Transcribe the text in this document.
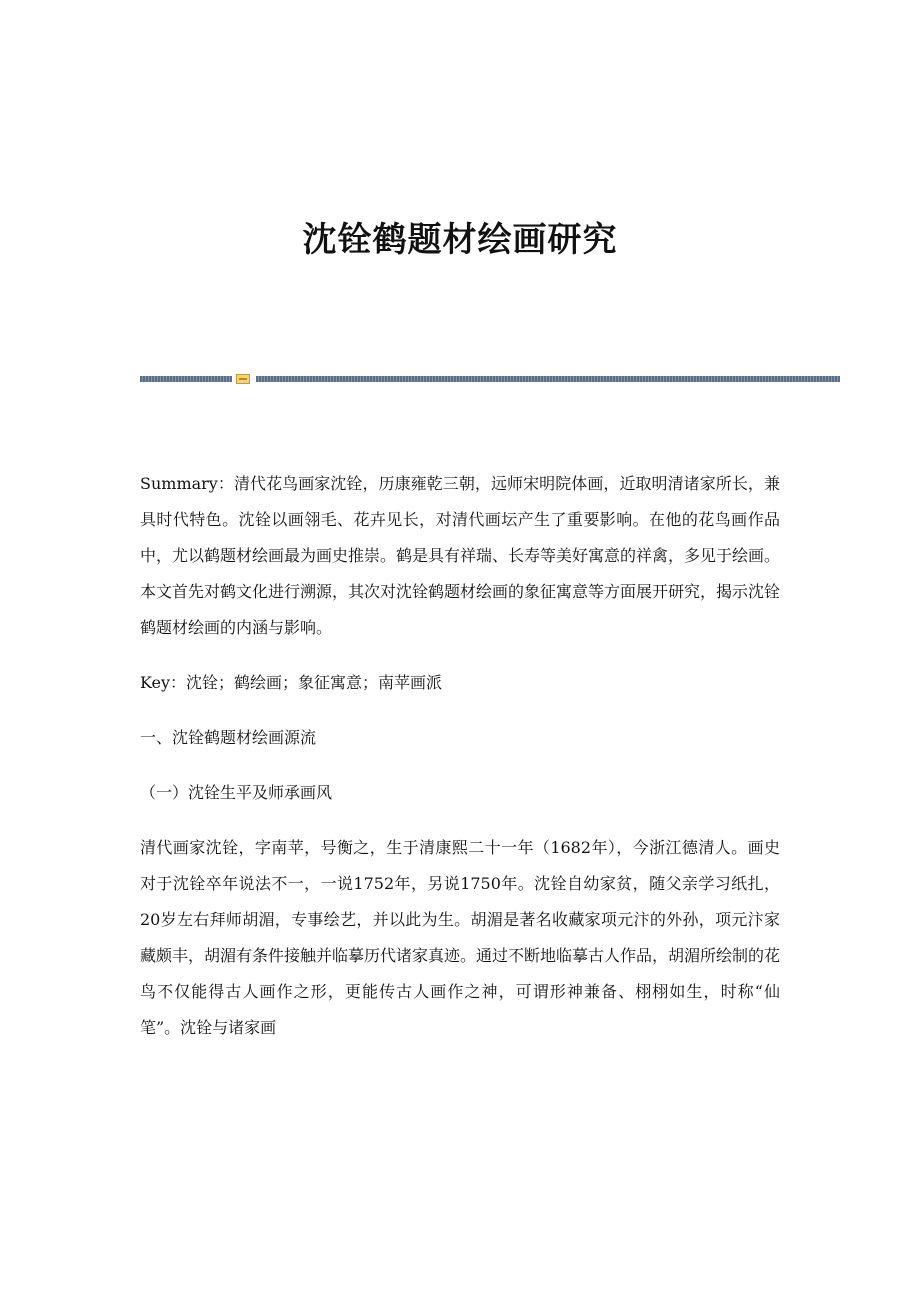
沈铨鹤题材绘画研究

Summary：清代花鸟画家沈铨，历康雍乾三朝，远师宋明院体画，近取明清诸家所长，兼具时代特色。沈铨以画翎毛、花卉见长，对清代画坛产生了重要影响。在他的花鸟画作品中，尤以鹤题材绘画最为画史推崇。鹤是具有祥瑞、长寿等美好寓意的祥禽，多见于绘画。本文首先对鹤文化进行溯源，其次对沈铨鹤题材绘画的象征寓意等方面展开研究，揭示沈铨鹤题材绘画的内涵与影响。

Key：沈铨；鹤绘画；象征寓意；南苹画派

一、沈铨鹤题材绘画源流

（一）沈铨生平及师承画风

清代画家沈铨，字南苹，号衡之，生于清康熙二十一年（1682年），今浙江德清人。画史对于沈铨卒年说法不一，一说1752年，另说1750年。沈铨自幼家贫，随父亲学习纸扎，20岁左右拜师胡湄，专事绘艺，并以此为生。胡湄是著名收藏家项元汴的外孙，项元汴家藏颇丰，胡湄有条件接触并临摹历代诸家真迹。通过不断地临摹古人作品，胡湄所绘制的花鸟不仅能得古人画作之形，更能传古人画作之神，可谓形神兼备、栩栩如生，时称“仙笔”。沈铨与诸家画
